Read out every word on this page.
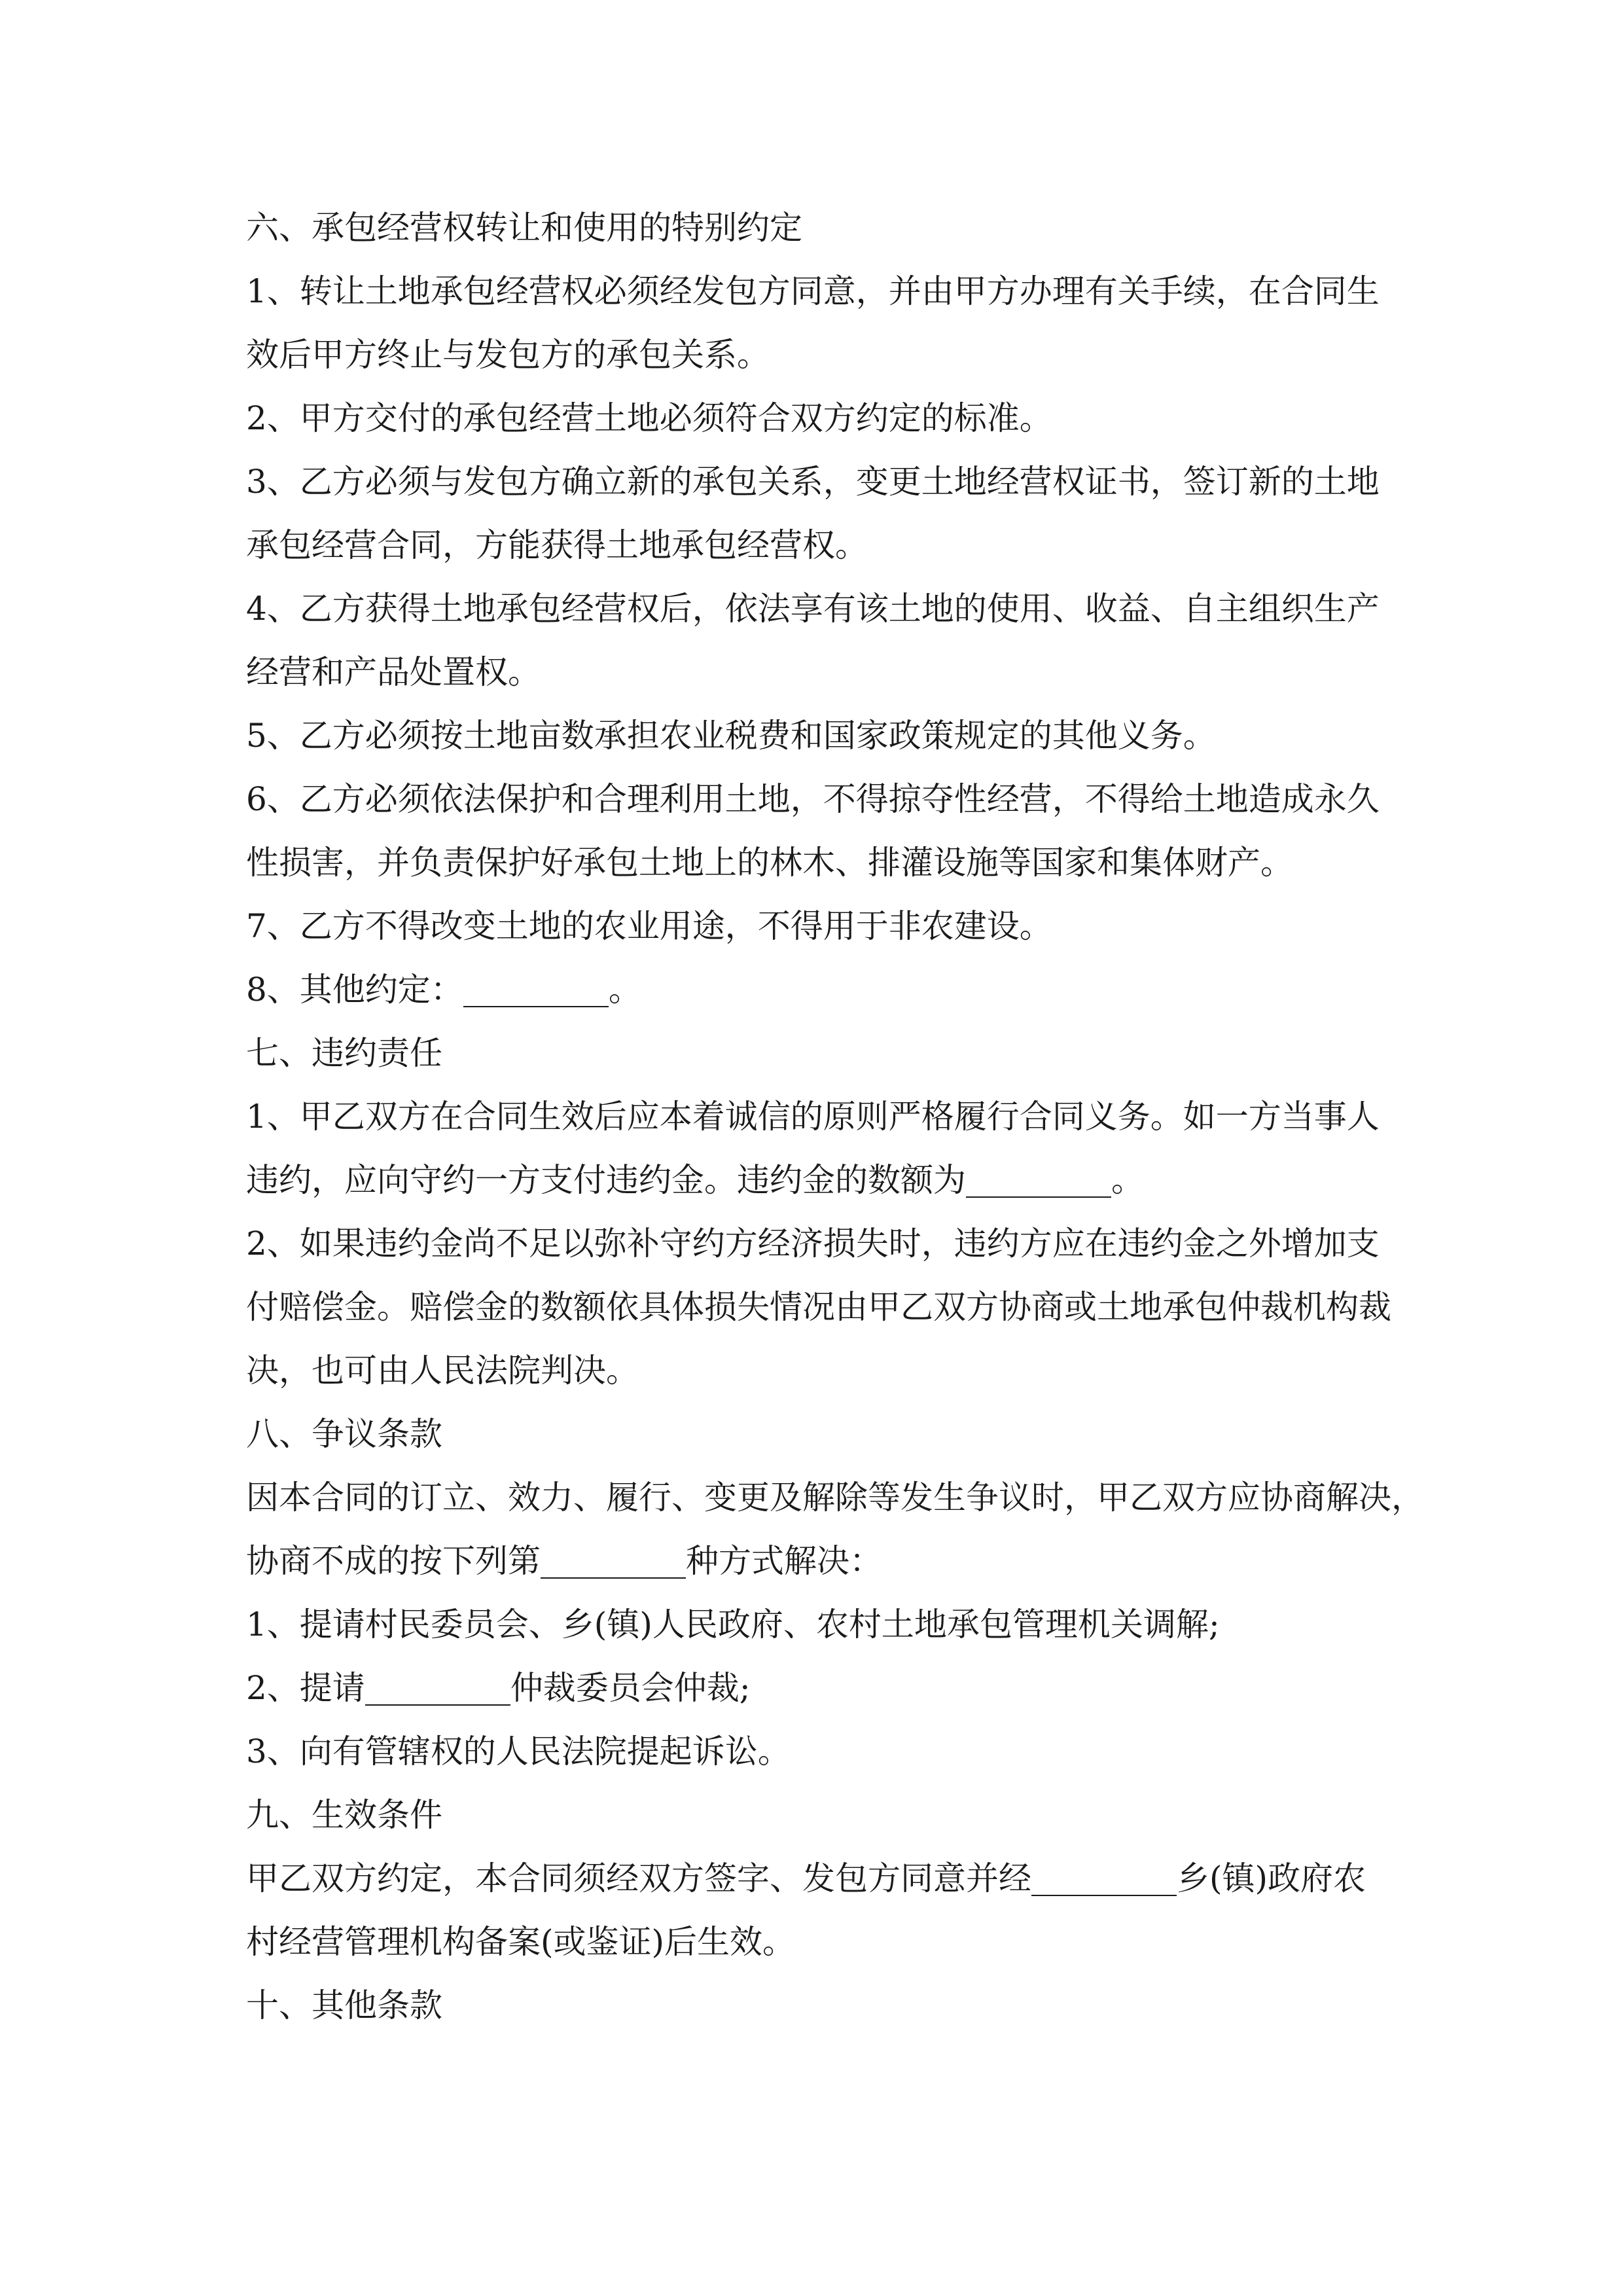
六、承包经营权转让和使用的特别约定
1、转让土地承包经营权必须经发包方同意，并由甲方办理有关手续，在合同生
效后甲方终止与发包方的承包关系。
2、甲方交付的承包经营土地必须符合双方约定的标准。
3、乙方必须与发包方确立新的承包关系，变更土地经营权证书，签订新的土地
承包经营合同，方能获得土地承包经营权。
4、乙方获得土地承包经营权后，依法享有该土地的使用、收益、自主组织生产
经营和产品处置权。
5、乙方必须按土地亩数承担农业税费和国家政策规定的其他义务。
6、乙方必须依法保护和合理利用土地，不得掠夺性经营，不得给土地造成永久
性损害，并负责保护好承包土地上的林木、排灌设施等国家和集体财产。
7、乙方不得改变土地的农业用途，不得用于非农建设。
8、其他约定：	。
七、违约责任
1、甲乙双方在合同生效后应本着诚信的原则严格履行合同义务。如一方当事人
违约，应向守约一方支付违约金。违约金的数额为	。
2、如果违约金尚不足以弥补守约方经济损失时，违约方应在违约金之外增加支
付赔偿金。赔偿金的数额依具体损失情况由甲乙双方协商或土地承包仲裁机构裁
决，也可由人民法院判决。
八、争议条款
因本合同的订立、效力、履行、变更及解除等发生争议时，甲乙双方应协商解决，
协商不成的按下列第	种方式解决：
1、提请村民委员会、乡(镇)人民政府、农村土地承包管理机关调解;
2、提请	仲裁委员会仲裁;
3、向有管辖权的人民法院提起诉讼。
九、生效条件
甲乙双方约定，本合同须经双方签字、发包方同意并经	乡(镇)政府农
村经营管理机构备案(或鉴证)后生效。
十、其他条款
